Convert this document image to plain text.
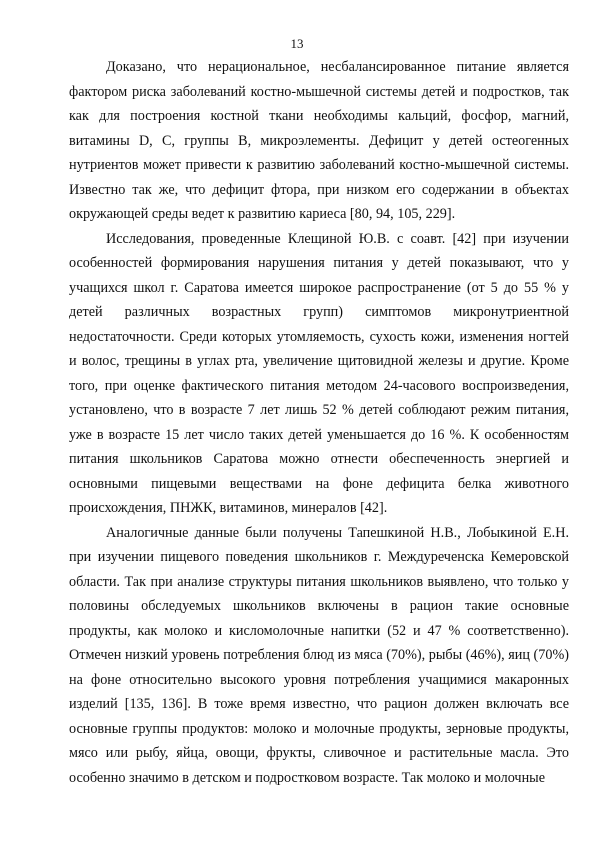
13

Доказано, что нерациональное, несбалансированное питание является фактором риска заболеваний костно-мышечной системы детей и подростков, так как для построения костной ткани необходимы кальций, фосфор, магний, витамины D, C, группы B, микроэлементы. Дефицит у детей остеогенных нутриентов может привести к развитию заболеваний костно-мышечной системы. Известно так же, что дефицит фтора, при низком его содержании в объектах окружающей среды ведет к развитию кариеса [80, 94, 105, 229].

Исследования, проведенные Клещиной Ю.В. с соавт. [42] при изучении особенностей формирования нарушения питания у детей показывают, что у учащихся школ г. Саратова имеется широкое распространение (от 5 до 55 % у детей различных возрастных групп) симптомов микронутриентной недостаточности. Среди которых утомляемость, сухость кожи, изменения ногтей и волос, трещины в углах рта, увеличение щитовидной железы и другие. Кроме того, при оценке фактического питания методом 24-часового воспроизведения, установлено, что в возрасте 7 лет лишь 52 % детей соблюдают режим питания, уже в возрасте 15 лет число таких детей уменьшается до 16 %. К особенностям питания школьников Саратова можно отнести обеспеченность энергией и основными пищевыми веществами на фоне дефицита белка животного происхождения, ПНЖК, витаминов, минералов [42].

Аналогичные данные были получены Тапешкиной Н.В., Лобыкиной Е.Н. при изучении пищевого поведения школьников г. Междуреченска Кемеровской области. Так при анализе структуры питания школьников выявлено, что только у половины обследуемых школьников включены в рацион такие основные продукты, как молоко и кисломолочные напитки (52 и 47 % соответственно). Отмечен низкий уровень потребления блюд из мяса (70%), рыбы (46%), яиц (70%) на фоне относительно высокого уровня потребления учащимися макаронных изделий [135, 136]. В тоже время известно, что рацион должен включать все основные группы продуктов: молоко и молочные продукты, зерновые продукты, мясо или рыбу, яйца, овощи, фрукты, сливочное и растительные масла. Это особенно значимо в детском и подростковом возрасте. Так молоко и молочные
